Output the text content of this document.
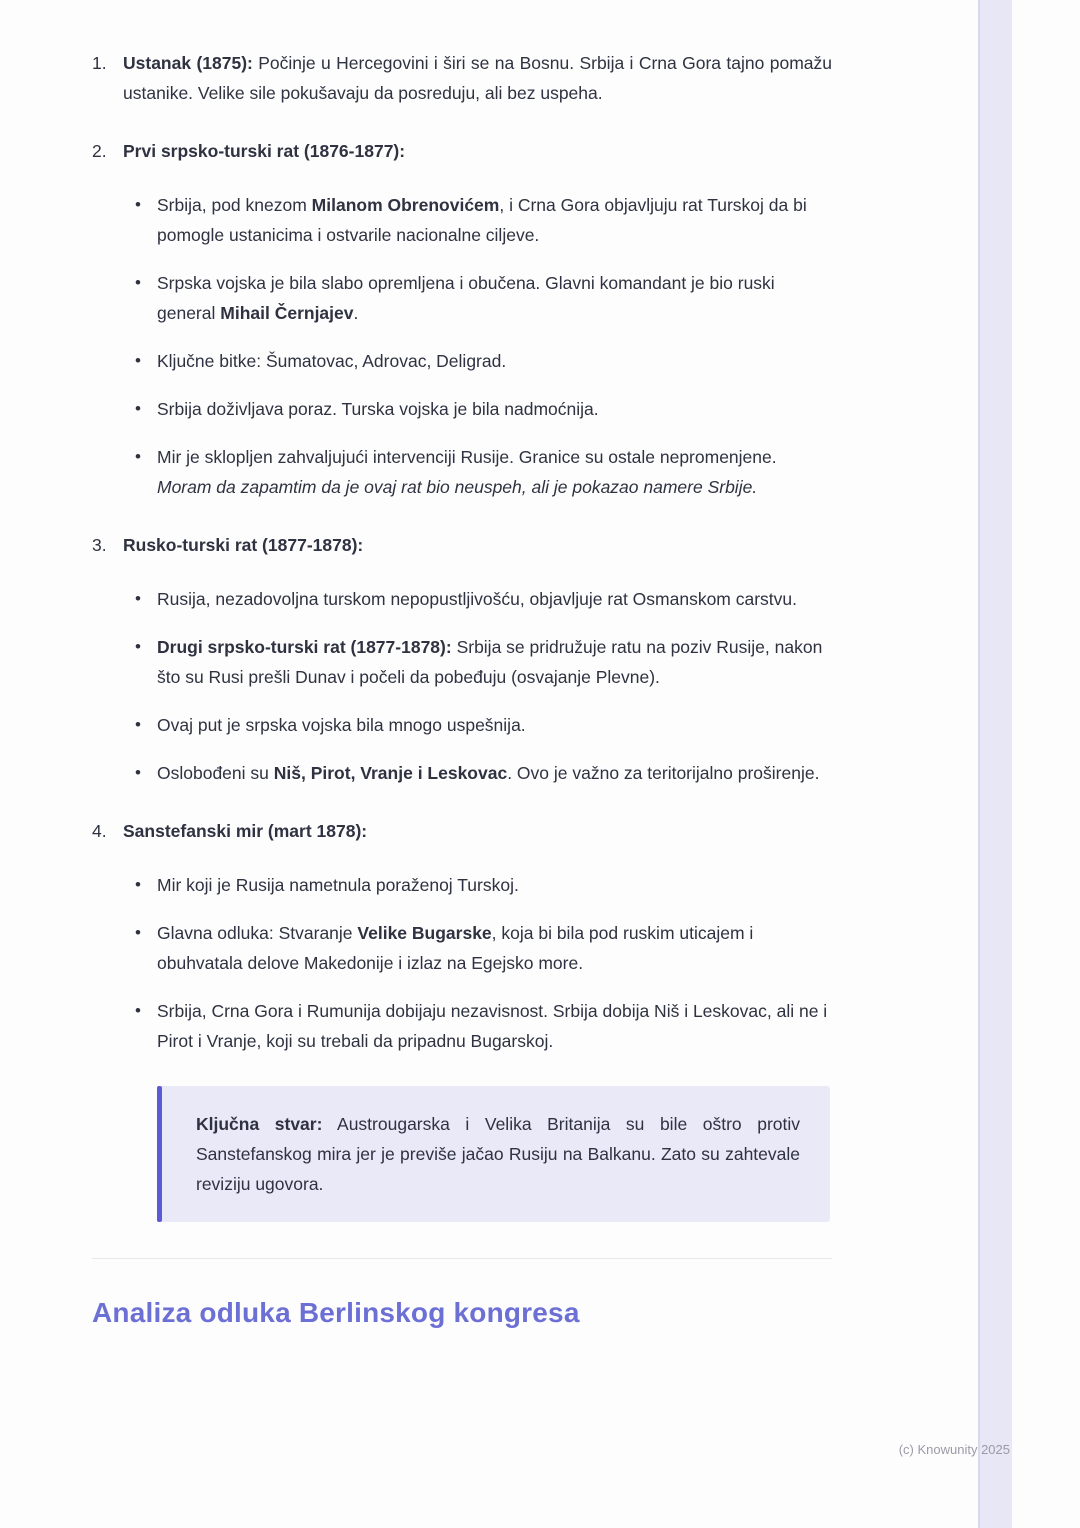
1. Ustanak (1875): Počinje u Hercegovini i širi se na Bosnu. Srbija i Crna Gora tajno pomažu ustanike. Velike sile pokušavaju da posreduju, ali bez uspeha.

2. Prvi srpsko-turski rat (1876-1877):

• Srbija, pod knezom Milanom Obrenovićem, i Crna Gora objavljuju rat Turskoj da bi pomogle ustanicima i ostvarile nacionalne ciljeve.

• Srpska vojska je bila slabo opremljena i obučena. Glavni komandant je bio ruski general Mihail Černjajev.

• Ključne bitke: Šumatovac, Adrovac, Deligrad.

• Srbija doživljava poraz. Turska vojska je bila nadmoćnija.

• Mir je sklopljen zahvaljujući intervenciji Rusije. Granice su ostale nepromenjene. Moram da zapamtim da je ovaj rat bio neuspeh, ali je pokazao namere Srbije.

3. Rusko-turski rat (1877-1878):

• Rusija, nezadovoljna turskom nepopustljivošću, objavljuje rat Osmanskom carstvu.

• Drugi srpsko-turski rat (1877-1878): Srbija se pridružuje ratu na poziv Rusije, nakon što su Rusi prešli Dunav i počeli da pobeđuju (osvajanje Plevne).

• Ovaj put je srpska vojska bila mnogo uspešnija.

• Oslobođeni su Niš, Pirot, Vranje i Leskovac. Ovo je važno za teritorijalno proširenje.

4. Sanstefanski mir (mart 1878):

• Mir koji je Rusija nametnula poraženoj Turskoj.

• Glavna odluka: Stvaranje Velike Bugarske, koja bi bila pod ruskim uticajem i obuhvatala delove Makedonije i izlaz na Egejsko more.

• Srbija, Crna Gora i Rumunija dobijaju nezavisnost. Srbija dobija Niš i Leskovac, ali ne i Pirot i Vranje, koji su trebali da pripadnu Bugarskoj.

Ključna stvar: Austrougarska i Velika Britanija su bile oštro protiv Sanstefanskog mira jer je previše jačao Rusiju na Balkanu. Zato su zahtevale reviziju ugovora.

Analiza odluka Berlinskog kongresa
(c) Knowunity 2025
